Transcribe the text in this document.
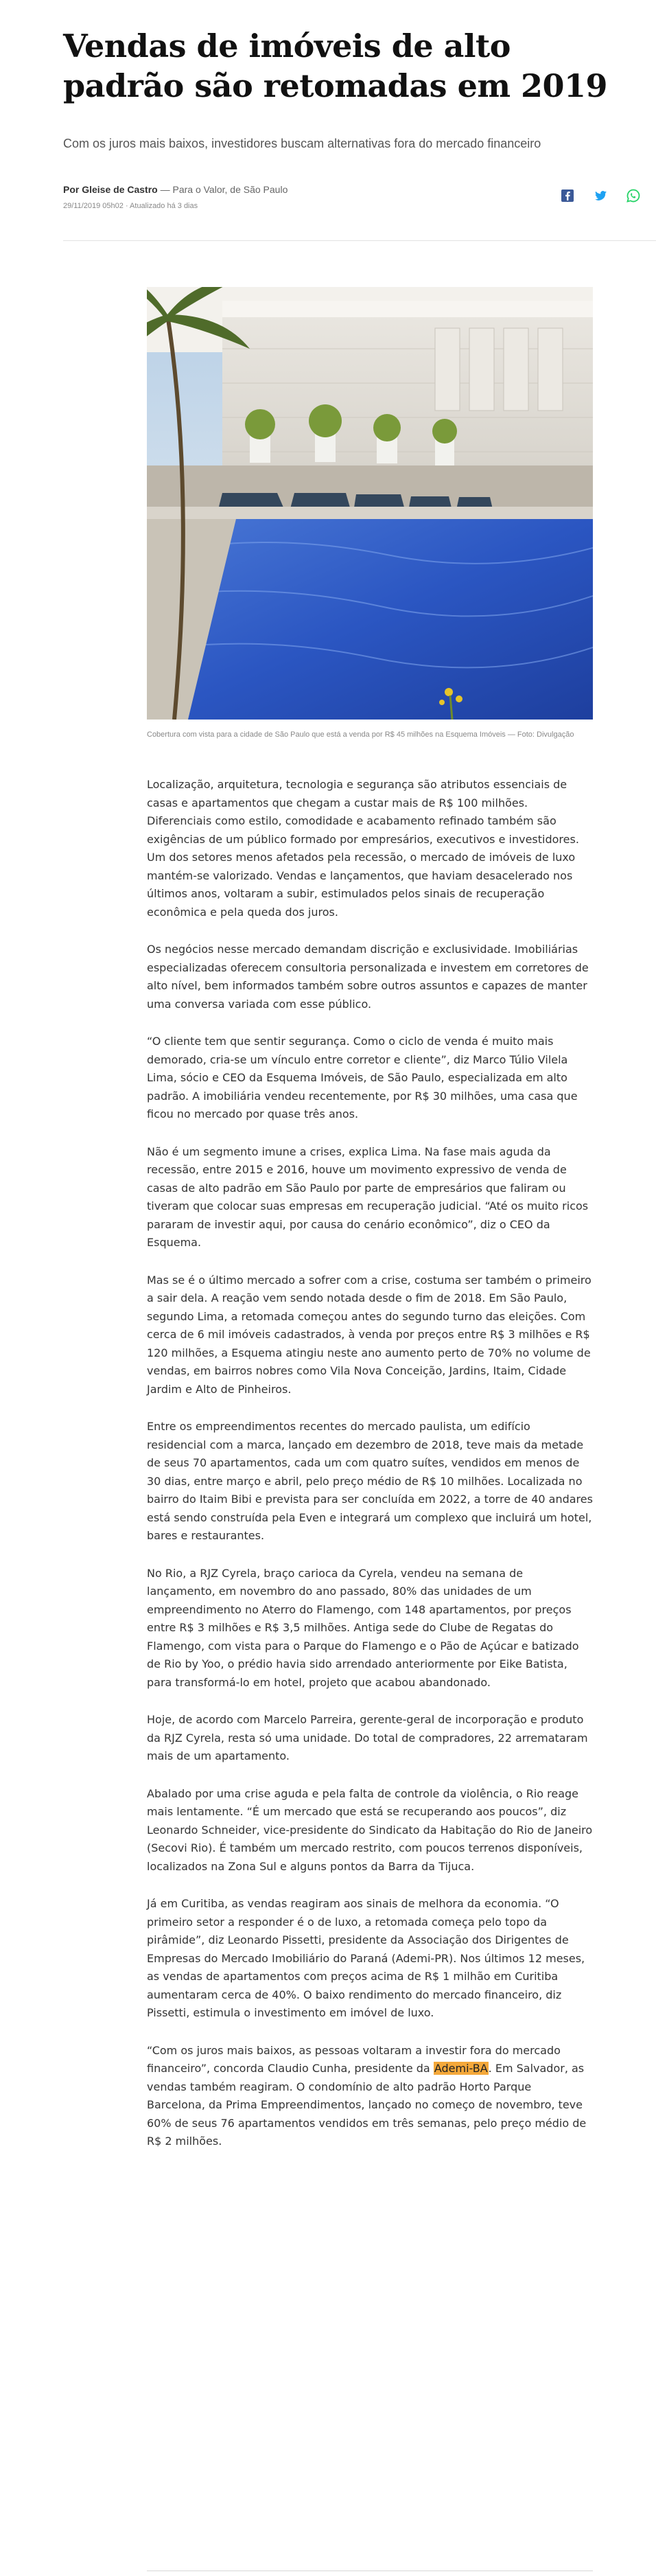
Vendas de imóveis de alto padrão são retomadas em 2019

Com os juros mais baixos, investidores buscam alternativas fora do mercado financeiro

Por Gleise de Castro — Para o Valor, de São Paulo
29/11/2019 05h02 · Atualizado há 3 dias

Cobertura com vista para a cidade de São Paulo que está a venda por R$ 45 milhões na Esquema Imóveis — Foto: Divulgação

Localização, arquitetura, tecnologia e segurança são atributos essenciais de casas e apartamentos que chegam a custar mais de R$ 100 milhões. Diferenciais como estilo, comodidade e acabamento refinado também são exigências de um público formado por empresários, executivos e investidores. Um dos setores menos afetados pela recessão, o mercado de imóveis de luxo mantém-se valorizado. Vendas e lançamentos, que haviam desacelerado nos últimos anos, voltaram a subir, estimulados pelos sinais de recuperação econômica e pela queda dos juros.

Os negócios nesse mercado demandam discrição e exclusividade. Imobiliárias especializadas oferecem consultoria personalizada e investem em corretores de alto nível, bem informados também sobre outros assuntos e capazes de manter uma conversa variada com esse público.

“O cliente tem que sentir segurança. Como o ciclo de venda é muito mais demorado, cria-se um vínculo entre corretor e cliente”, diz Marco Túlio Vilela Lima, sócio e CEO da Esquema Imóveis, de São Paulo, especializada em alto padrão. A imobiliária vendeu recentemente, por R$ 30 milhões, uma casa que ficou no mercado por quase três anos.

Não é um segmento imune a crises, explica Lima. Na fase mais aguda da recessão, entre 2015 e 2016, houve um movimento expressivo de venda de casas de alto padrão em São Paulo por parte de empresários que faliram ou tiveram que colocar suas empresas em recuperação judicial. “Até os muito ricos pararam de investir aqui, por causa do cenário econômico”, diz o CEO da Esquema.

Mas se é o último mercado a sofrer com a crise, costuma ser também o primeiro a sair dela. A reação vem sendo notada desde o fim de 2018. Em São Paulo, segundo Lima, a retomada começou antes do segundo turno das eleições. Com cerca de 6 mil imóveis cadastrados, à venda por preços entre R$ 3 milhões e R$ 120 milhões, a Esquema atingiu neste ano aumento perto de 70% no volume de vendas, em bairros nobres como Vila Nova Conceição, Jardins, Itaim, Cidade Jardim e Alto de Pinheiros.

Entre os empreendimentos recentes do mercado paulista, um edifício residencial com a marca, lançado em dezembro de 2018, teve mais da metade de seus 70 apartamentos, cada um com quatro suítes, vendidos em menos de 30 dias, entre março e abril, pelo preço médio de R$ 10 milhões. Localizada no bairro do Itaim Bibi e prevista para ser concluída em 2022, a torre de 40 andares está sendo construída pela Even e integrará um complexo que incluirá um hotel, bares e restaurantes.

No Rio, a RJZ Cyrela, braço carioca da Cyrela, vendeu na semana de lançamento, em novembro do ano passado, 80% das unidades de um empreendimento no Aterro do Flamengo, com 148 apartamentos, por preços entre R$ 3 milhões e R$ 3,5 milhões. Antiga sede do Clube de Regatas do Flamengo, com vista para o Parque do Flamengo e o Pão de Açúcar e batizado de Rio by Yoo, o prédio havia sido arrendado anteriormente por Eike Batista, para transformá-lo em hotel, projeto que acabou abandonado.

Hoje, de acordo com Marcelo Parreira, gerente-geral de incorporação e produto da RJZ Cyrela, resta só uma unidade. Do total de compradores, 22 arremataram mais de um apartamento.

Abalado por uma crise aguda e pela falta de controle da violência, o Rio reage mais lentamente. “É um mercado que está se recuperando aos poucos”, diz Leonardo Schneider, vice-presidente do Sindicato da Habitação do Rio de Janeiro (Secovi Rio). É também um mercado restrito, com poucos terrenos disponíveis, localizados na Zona Sul e alguns pontos da Barra da Tijuca.

Já em Curitiba, as vendas reagiram aos sinais de melhora da economia. “O primeiro setor a responder é o de luxo, a retomada começa pelo topo da pirâmide”, diz Leonardo Pissetti, presidente da Associação dos Dirigentes de Empresas do Mercado Imobiliário do Paraná (Ademi-PR). Nos últimos 12 meses, as vendas de apartamentos com preços acima de R$ 1 milhão em Curitiba aumentaram cerca de 40%. O baixo rendimento do mercado financeiro, diz Pissetti, estimula o investimento em imóvel de luxo.

“Com os juros mais baixos, as pessoas voltaram a investir fora do mercado financeiro”, concorda Claudio Cunha, presidente da Ademi-BA. Em Salvador, as vendas também reagiram. O condomínio de alto padrão Horto Parque Barcelona, da Prima Empreendimentos, lançado no começo de novembro, teve 60% de seus 76 apartamentos vendidos em três semanas, pelo preço médio de R$ 2 milhões.
